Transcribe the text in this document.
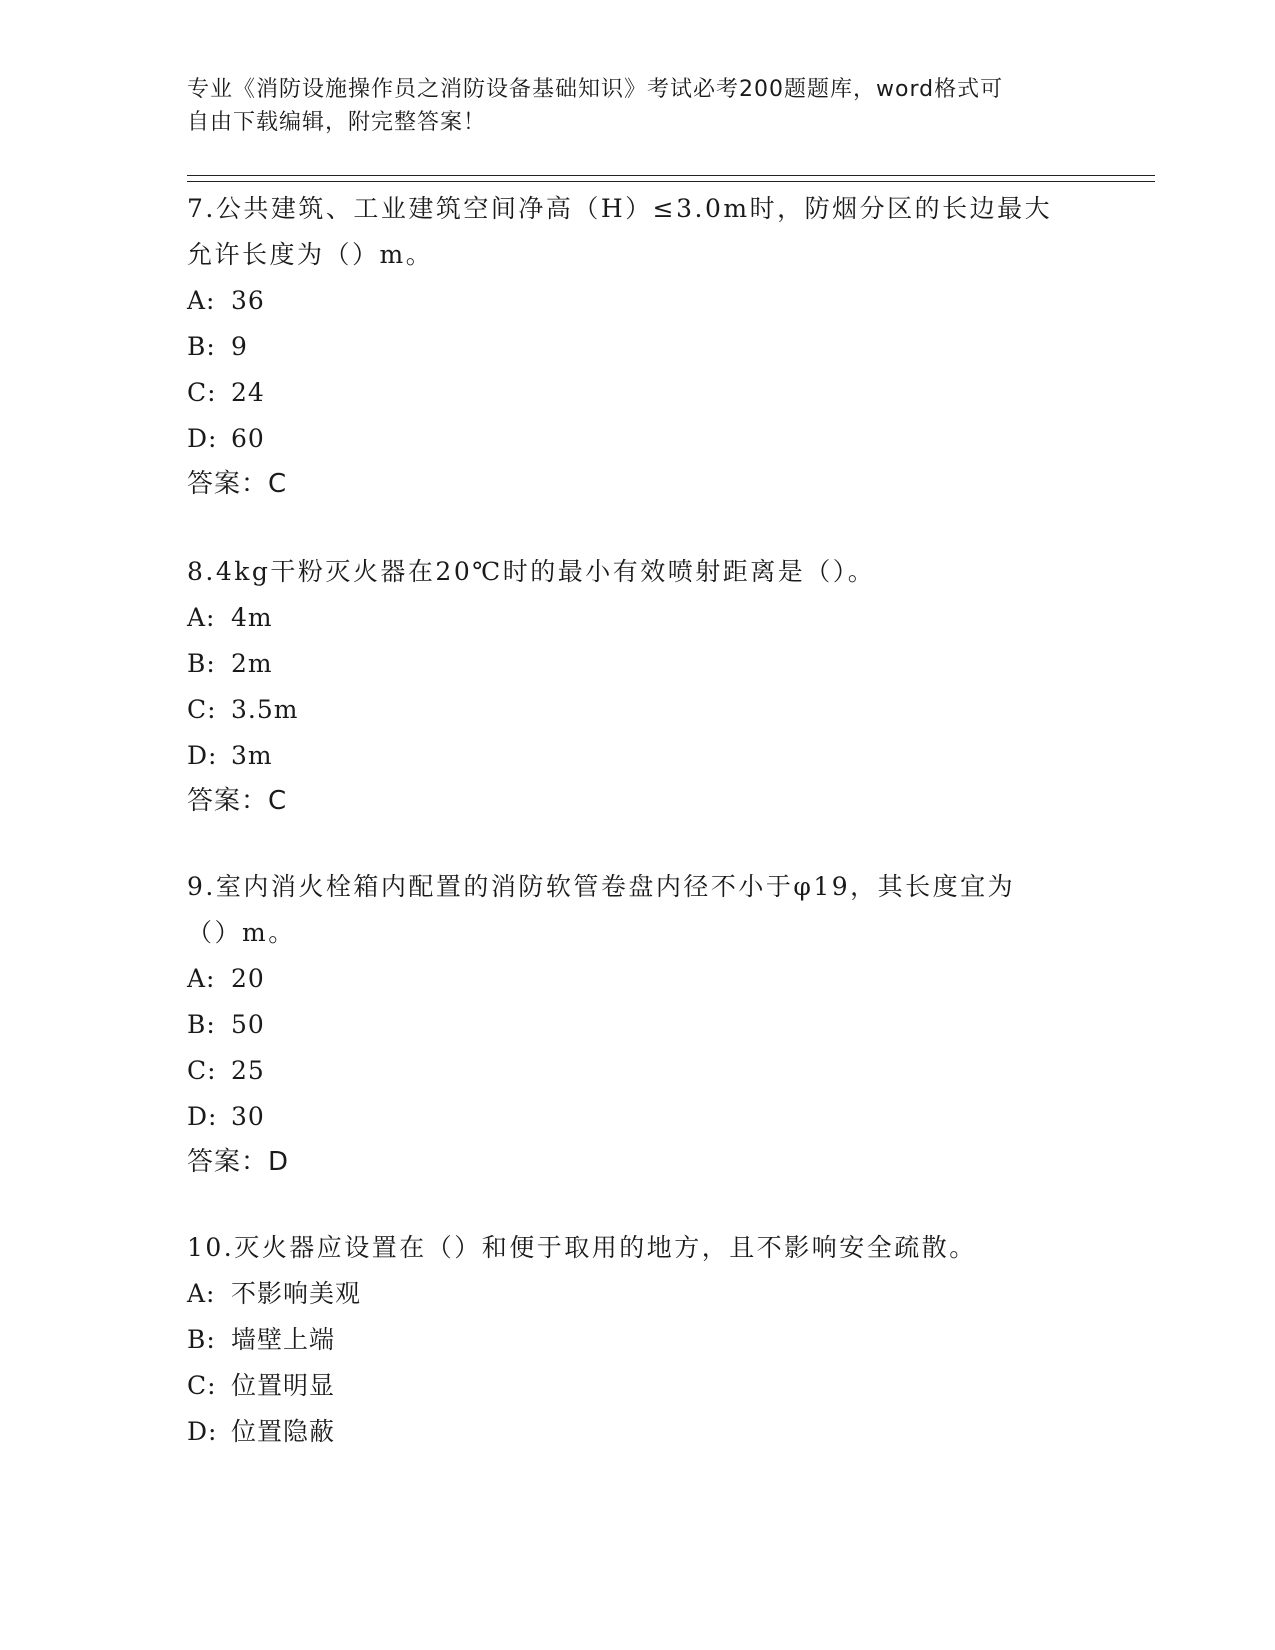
专业《消防设施操作员之消防设备基础知识》考试必考200题题库，word格式可
自由下载编辑，附完整答案！
7.公共建筑、工业建筑空间净高（H）≤3.0m时，防烟分区的长边最大
允许长度为（）m。
A: 36
B: 9
C: 24
D: 60
答案：C
8.4kg干粉灭火器在20℃时的最小有效喷射距离是（）。
A: 4m
B: 2m
C: 3.5m
D: 3m
答案：C
9.室内消火栓箱内配置的消防软管卷盘内径不小于φ19，其长度宜为
（）m。
A: 20
B: 50
C: 25
D: 30
答案：D
10.灭火器应设置在（）和便于取用的地方，且不影响安全疏散。
A: 不影响美观
B: 墙壁上端
C: 位置明显
D: 位置隐蔽
